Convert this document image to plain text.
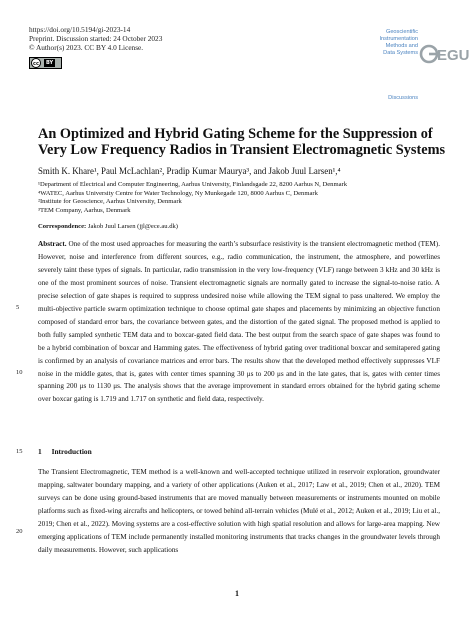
https://doi.org/10.5194/gi-2023-14
Preprint. Discussion started: 24 October 2023
© Author(s) 2023. CC BY 4.0 License.
cc	BY
Geoscientific
Instrumentation
Methods and
Data Systems
Discussions
EGU
An Optimized and Hybrid Gating Scheme for the Suppression of Very Low Frequency Radios in Transient Electromagnetic Systems
Smith K. Khare¹, Paul McLachlan², Pradip Kumar Maurya³, and Jakob Juul Larsen¹,⁴
¹Department of Electrical and Computer Engineering, Aarhus University, Finlandsgade 22, 8200 Aarhus N, Denmark
⁴WATEC, Aarhus University Centre for Water Technology, Ny Munkegade 120, 8000 Aarhus C, Denmark
²Institute for Geoscience, Aarhus University, Denmark
³TEM Company, Aarhus, Denmark
Correspondence: Jakob Juul Larsen (jjl@ece.au.dk)
Abstract. One of the most used approaches for measuring the earth’s subsurface resistivity is the transient electromagnetic method (TEM). However, noise and interference from different sources, e.g., radio communication, the instrument, the atmosphere, and powerlines severely taint these types of signals. In particular, radio transmission in the very low-frequency (VLF) range between 3 kHz and 30 kHz is one of the most prominent sources of noise. Transient electromagnetic signals are normally gated to increase the signal-to-noise ratio. A precise selection of gate shapes is required to suppress undesired noise while allowing the TEM signal to pass unaltered. We employ the multi-objective particle swarm optimization technique to choose optimal gate shapes and placements by minimizing an objective function composed of standard error bars, the covariance between gates, and the distortion of the gated signal. The proposed method is applied to both fully sampled synthetic TEM data and to boxcar-gated field data. The best output from the search space of gate shapes was found to be a hybrid combination of boxcar and Hamming gates. The effectiveness of hybrid gating over traditional boxcar and semitapered gating is confirmed by an analysis of covariance matrices and error bars. The results show that the developed method effectively suppresses VLF noise in the middle gates, that is, gates with center times spanning 30 μs to 200 μs and in the late gates, that is, gates with center times spanning 200 μs to 1130 μs. The analysis shows that the average improvement in standard errors obtained for the hybrid gating scheme over boxcar gating is 1.719 and 1.717 on synthetic and field data, respectively.
5
10
15
20
1 Introduction
The Transient Electromagnetic, TEM method is a well-known and well-accepted technique utilized in reservoir exploration, groundwater mapping, saltwater boundary mapping, and a variety of other applications (Auken et al., 2017; Law et al., 2019; Chen et al., 2020). TEM surveys can be done using ground-based instruments that are moved manually between measurements or instruments mounted on mobile platforms such as fixed-wing aircrafts and helicopters, or towed behind all-terrain vehicles (Mulé et al., 2012; Auken et al., 2019; Liu et al., 2019; Chen et al., 2022). Moving systems are a cost-effective solution with high spatial resolution and allows for large-area mapping. New emerging applications of TEM include permanently installed monitoring instruments that tracks changes in the groundwater levels through daily measurements. However, such applications
1
